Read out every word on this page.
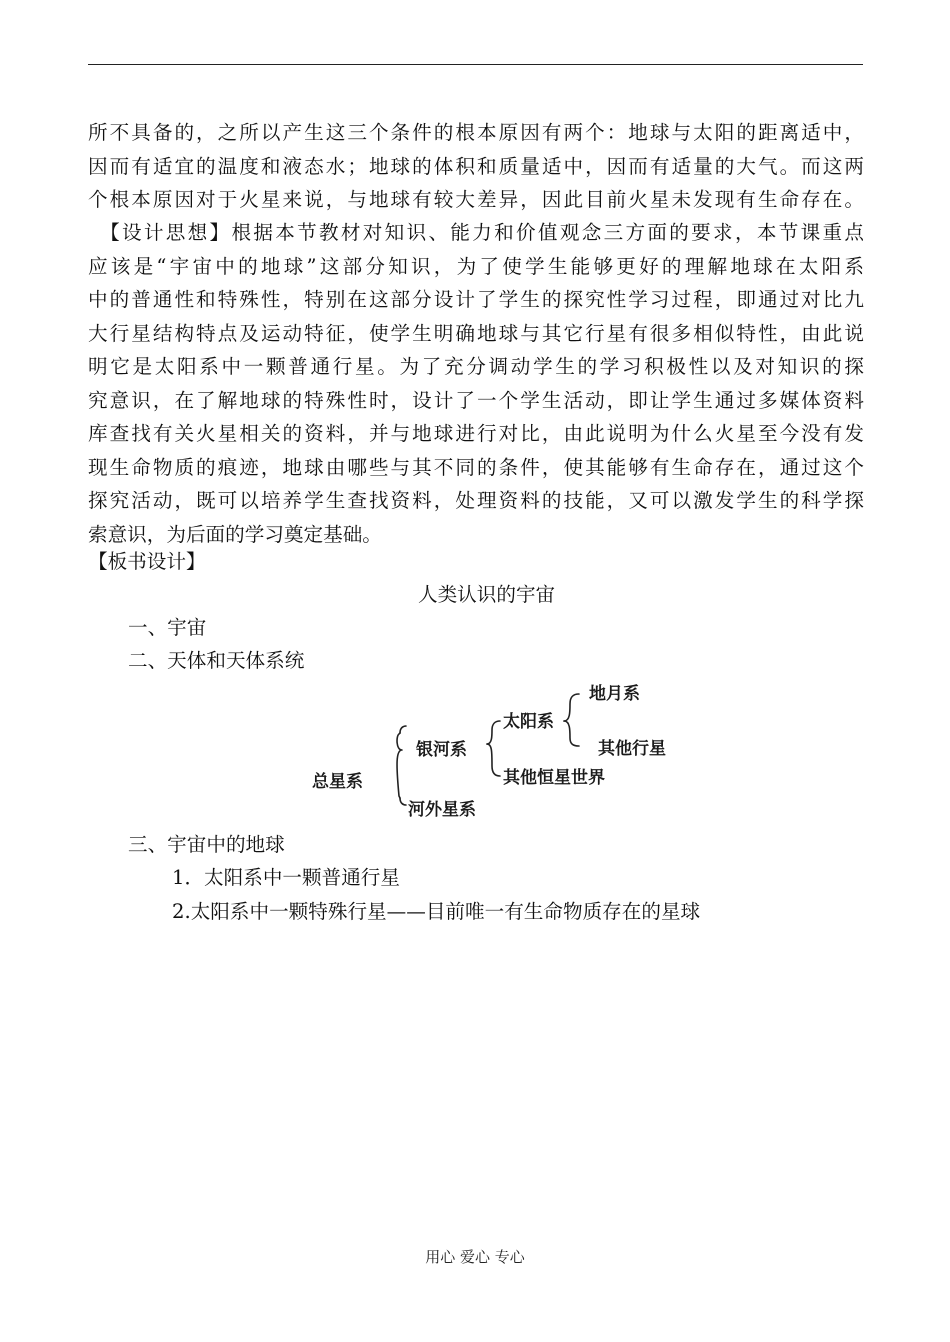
所不具备的，之所以产生这三个条件的根本原因有两个：地球与太阳的距离适中，
因而有适宜的温度和液态水；地球的体积和质量适中，因而有适量的大气。而这两
个根本原因对于火星来说，与地球有较大差异，因此目前火星未发现有生命存在。
　【设计思想】根据本节教材对知识、能力和价值观念三方面的要求，本节课重点
应该是“宇宙中的地球”这部分知识，为了使学生能够更好的理解地球在太阳系
中的普通性和特殊性，特别在这部分设计了学生的探究性学习过程，即通过对比九
大行星结构特点及运动特征，使学生明确地球与其它行星有很多相似特性，由此说
明它是太阳系中一颗普通行星。为了充分调动学生的学习积极性以及对知识的探
究意识，在了解地球的特殊性时，设计了一个学生活动，即让学生通过多媒体资料
库查找有关火星相关的资料，并与地球进行对比，由此说明为什么火星至今没有发
现生命物质的痕迹，地球由哪些与其不同的条件，使其能够有生命存在，通过这个
探究活动，既可以培养学生查找资料，处理资料的技能，又可以激发学生的科学探
索意识，为后面的学习奠定基础。
【板书设计】
人类认识的宇宙
一、宇宙
二、天体和天体系统
总星系
银河系
河外星系
太阳系
其他恒星世界
地月系
其他行星
三、宇宙中的地球
1．太阳系中一颗普通行星
2.太阳系中一颗特殊行星——目前唯一有生命物质存在的星球
用心 爱心 专心
